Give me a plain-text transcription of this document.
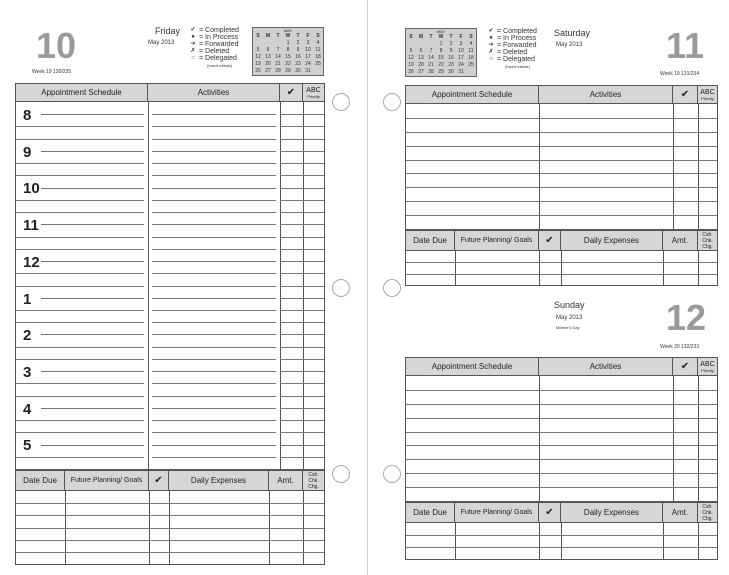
10	Friday
May 2013
Week 19 130/235
✔ = Completed
● = In Process
➔ = Forwarded
✗ = Deleted
○ = Delegated
(Insert initials)
MAY
S	M	T	W	T	F	S
			1	2	3	4
5	6	7	8	9	10	11
12	13	14	15	16	17	18
19	20	21	22	23	24	25
26	27	28	29	30	31	
Appointment Schedule	Activities	✔	ABC
Priority
8
9
10
11
12
1
2
3
4
5
Date Due	Future Planning/ Goals	✔	Daily Expenses	Amt.
Csh. Chk. Chg.
MAY
S	M	T	W	T	F	S
			1	2	3	4
5	6	7	8	9	10	11
12	13	14	15	16	17	18
19	20	21	22	23	24	25
26	27	28	29	30	31	
✔ = Completed
● = In Process
➔ = Forwarded
✗ = Deleted
○ = Delegated
(Insert initials)
Saturday
May 2013 11
Week 19 131/234
Appointment Schedule	Activities	✔	ABC
Priority
Date Due	Future Planning/ Goals	✔	Daily Expenses	Amt.
Csh. Chk. Chg.
Sunday
May 2013
Mother's Day 12
Week 20 132/233
Appointment Schedule	Activities	✔	ABC
Priority
Date Due	Future Planning/ Goals	✔	Daily Expenses	Amt.
Csh. Chk. Chg.
